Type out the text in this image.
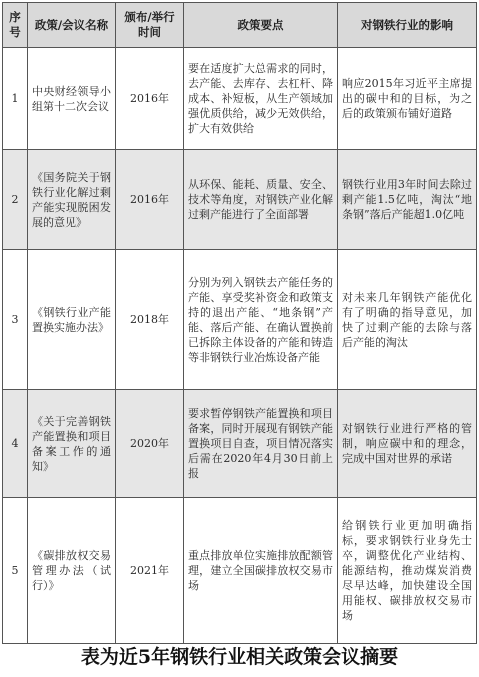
序号	政策/会议名称	颁布/举行时间	政策要点	对钢铁行业的影响
1	中央财经领导小组第十二次会议	2016年	要在适度扩大总需求的同时，去产能、去库存、去杠杆、降成本、补短板，从生产领域加强优质供给，减少无效供给，扩大有效供给	响应2015年习近平主席提出的碳中和的目标，为之后的政策颁布铺好道路
2	《国务院关于钢铁行业化解过剩产能实现脱困发展的意见》	2016年	从环保、能耗、质量、安全、技术等角度，对钢铁产业化解过剩产能进行了全面部署	钢铁行业用3年时间去除过剩产能1.5亿吨，淘汰“地条钢”落后产能超1.0亿吨
3	《钢铁行业产能置换实施办法》	2018年	分别为列入钢铁去产能任务的产能、享受奖补资金和政策支持的退出产能、“地条钢”产能、落后产能、在确认置换前已拆除主体设备的产能和铸造等非钢铁行业冶炼设备产能	对未来几年钢铁产能优化有了明确的指导意见，加快了过剩产能的去除与落后产能的淘汰
4	《关于完善钢铁产能置换和项目备案工作的通知》	2020年	要求暂停钢铁产能置换和项目备案，同时开展现有钢铁产能置换项目自查，项目情况落实后需在2020年4月30日前上报	对钢铁行业进行严格的管制，响应碳中和的理念，完成中国对世界的承诺
5	《碳排放权交易管理办法（试行）》	2021年	重点排放单位实施排放配额管理，建立全国碳排放权交易市场	给钢铁行业更加明确指标，要求钢铁行业身先士卒，调整优化产业结构、能源结构，推动煤炭消费尽早达峰，加快建设全国用能权、碳排放权交易市场
表为近5年钢铁行业相关政策会议摘要
